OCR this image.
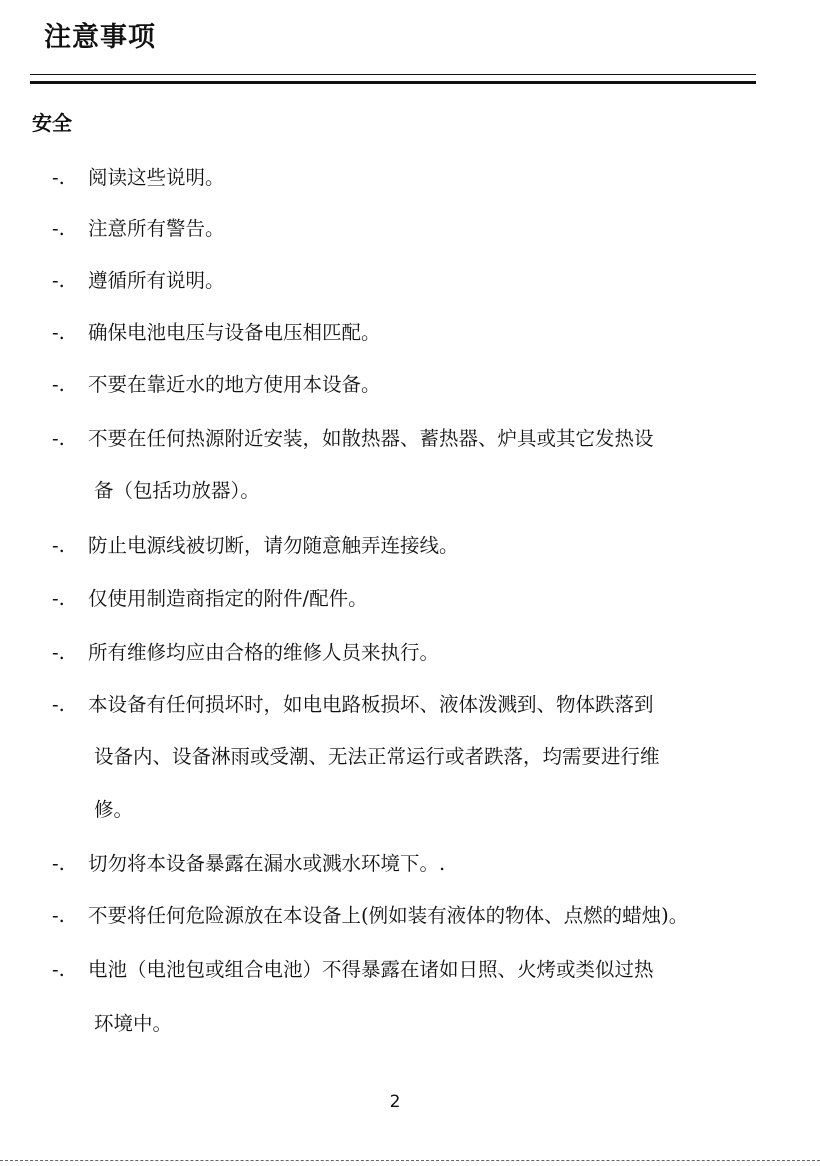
注意事项
安全
-. 阅读这些说明。
-. 注意所有警告。
-. 遵循所有说明。
-. 确保电池电压与设备电压相匹配。
-. 不要在靠近水的地方使用本设备。
-. 不要在任何热源附近安装，如散热器、蓄热器、炉具或其它发热设
备（包括功放器）。
-. 防止电源线被切断，请勿随意触弄连接线。
-. 仅使用制造商指定的附件/配件。
-. 所有维修均应由合格的维修人员来执行。
-. 本设备有任何损坏时，如电电路板损坏、液体泼溅到、物体跌落到
设备内、设备淋雨或受潮、无法正常运行或者跌落，均需要进行维
修。
-. 切勿将本设备暴露在漏水或溅水环境下。.
-. 不要将任何危险源放在本设备上(例如装有液体的物体、点燃的蜡烛)。
-. 电池（电池包或组合电池）不得暴露在诸如日照、火烤或类似过热
环境中。
2
